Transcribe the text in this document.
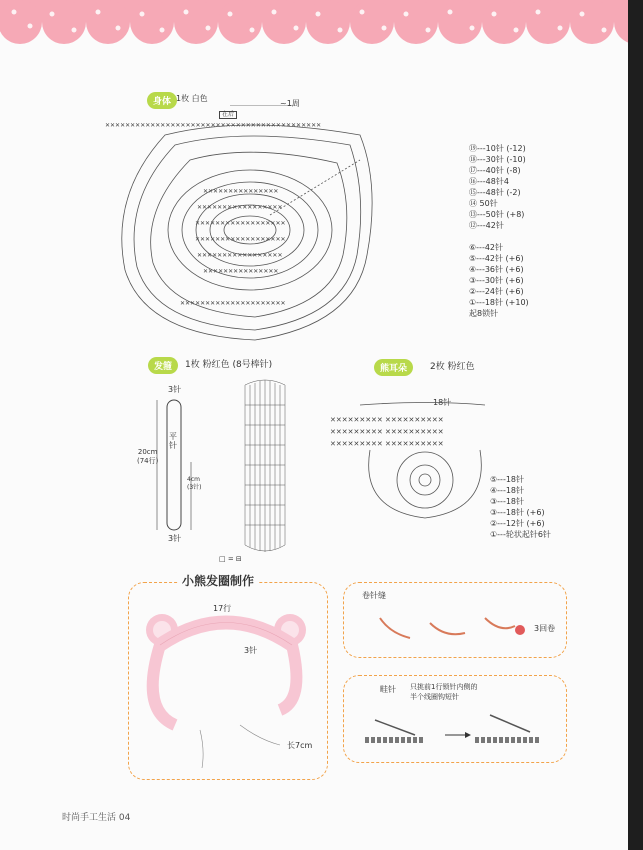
身体 1枚 白色
在后
~1周
✕✕✕✕✕✕✕✕✕✕✕✕✕✕✕✕✕✕✕✕✕✕✕✕✕✕✕✕✕✕✕✕✕✕✕✕✕✕✕✕✕✕✕
✕✕✕✕✕✕✕✕✕✕✕✕✕✕✕
✕✕✕✕✕✕✕✕✕✕✕✕✕✕✕✕✕
✕✕✕✕✕✕✕✕✕✕✕✕✕✕✕✕✕✕
✕✕✕✕✕✕✕✕✕✕✕✕✕✕✕✕✕✕
✕✕✕✕✕✕✕✕✕✕✕✕✕✕✕✕✕
✕✕✕✕✕✕✕✕✕✕✕✕✕✕✕
✕✕✕✕✕✕✕✕✕✕✕✕✕✕✕✕✕✕✕✕✕
⑲---10针 (-12)
⑱---30针 (-10)
⑰---40针 (-8)
⑯---48针4
⑮---48针 (-2)
⑭ 50针
⑬---50针 (+8)
⑫---42针
⑥---42针
⑤---42针 (+6)
④---36针 (+6)
③---30针 (+6)
②---24针 (+6)
①---18针 (+10)
起8锁针
发箍	1枚 粉红色 (8号棒针)
3针
20cm
(74行)
平针
4cm
(3针)
3针
□ = ⊟
熊耳朵	2枚 粉红色
18针
✕✕✕✕✕✕✕✕✕ ✕✕✕✕✕✕✕✕✕✕
✕✕✕✕✕✕✕✕✕ ✕✕✕✕✕✕✕✕✕✕
✕✕✕✕✕✕✕✕✕ ✕✕✕✕✕✕✕✕✕✕
⑤---18针
④---18针
③---18针
③---18针 (+6)
②---12针 (+6)
①---轮状起针6针
小熊发圈制作
17行
3针
长7cm
卷针缝
3回卷
畦针 只挑前1行锁针内侧的
半个线圈钩短针
时尚手工生活 04
